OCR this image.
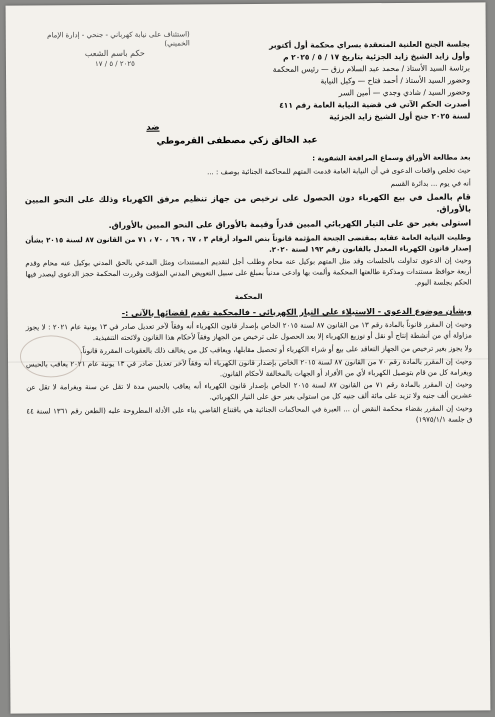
(استئناف على نيابة كهرباني - جنحي - إدارة الإمام الخميني)
حكم باسم الشعب
٢٠٢٥ / ٥ / ١٧
بجلسة الجنح العلنية المنعقدة بسراي محكمة أول أكتوبر وأول زايد الشيخ زايد الجزئية بتاريخ ١٧ / ٥ / ٢٠٢٥ م
برئاسة السيد الأستاذ / محمد عبد السلام رزق — رئيس المحكمة
وحضور السيد الأستاذ / أحمد فتاح — وكيل النيابة
وحضور السيد / شادي وجدي — أمين السر
أصدرت الحكم الآتي في قضية النيابة العامة رقم ٤١١ لسنة ٢٠٢٥ جنح أول الشيخ زايد الجزئية
ضد
عبد الخالق زكي مصطفى القرموطي

بعد مطالعة الأوراق وسماع المرافعة الشفوية :

حيث تخلص واقعات الدعوى في أن النيابة العامة قدمت المتهم للمحاكمة الجنائية بوصف : ...

أنه في يوم ... بدائرة القسم

قام بالعمل في بيع الكهرباء دون الحصول على ترخيص من جهاز تنظيم مرفق الكهرباء وذلك على النحو المبين بالأوراق.

استولى بغير حق على التيار الكهربائي المبين قدراً وقيمة بالأوراق على النحو المبين بالأوراق.

وطلبت النيابة العامة عقابه بمقتضى الجنحة المؤثمة قانوناً بنص المواد أرقام ٣ ، ٦٧ ، ٦٩ ، ٧٠ ، ٧١ من القانون ٨٧ لسنة ٢٠١٥ بشأن إصدار قانون الكهرباء المعدل بالقانون رقم ١٩٢ لسنة ٢٠٢٠.

وحيث إن الدعوى تداولت بالجلسات وقد مثل المتهم بوكيل عنه محام وطلب أجل لتقديم المستندات ومثل المدعي بالحق المدني بوكيل عنه محام وقدم أربعة حوافظ مستندات ومذكرة طالعتها المحكمة وألمت بها وادعى مدنياً بمبلغ على سبيل التعويض المدني المؤقت وقررت المحكمة حجز الدعوى ليصدر فيها الحكم بجلسة اليوم.

المحكمة

وبشأن موضوع الدعوى - الاستيلاء على التيار الكهربائي - فالمحكمة تقدم لقضائها بالآتي :-

وحيث إن المقرر قانوناً بالمادة رقم ١٣ من القانون ٨٧ لسنة ٢٠١٥ الخاص بإصدار قانون الكهرباء أنه وفقاً لآخر تعديل صادر في ١٣ يونية عام ٢٠٢١ : لا يجوز مزاولة أي من أنشطة إنتاج أو نقل أو توزيع الكهرباء إلا بعد الحصول على ترخيص من الجهاز وفقاً لأحكام هذا القانون ولائحته التنفيذية.

ولا يجوز بغير ترخيص من الجهاز التعاقد على بيع أو شراء الكهرباء أو تحصيل مقابلها، ويعاقب كل من يخالف ذلك بالعقوبات المقررة قانوناً.

وحيث إن المقرر بالمادة رقم ٧٠ من القانون ٨٧ لسنة ٢٠١٥ الخاص بإصدار قانون الكهرباء أنه وفقاً لآخر تعديل صادر في ١٣ يونية عام ٢٠٢١ يعاقب بالحبس وبغرامة كل من قام بتوصيل الكهرباء لأي من الأفراد أو الجهات بالمخالفة لأحكام القانون.

وحيث إن المقرر بالمادة رقم ٧١ من القانون ٨٧ لسنة ٢٠١٥ الخاص بإصدار قانون الكهرباء أنه يعاقب بالحبس مدة لا تقل عن سنة وبغرامة لا تقل عن عشرين ألف جنيه ولا تزيد على مائة ألف جنيه كل من استولى بغير حق على التيار الكهربائي.

وحيث إن المقرر بقضاء محكمة النقض أن ... العبرة في المحاكمات الجنائية هي باقتناع القاضي بناء على الأدلة المطروحة عليه (الطعن رقم ١٣٦١ لسنة ٤٤ ق جلسة ١٩٧٥/١/١)
